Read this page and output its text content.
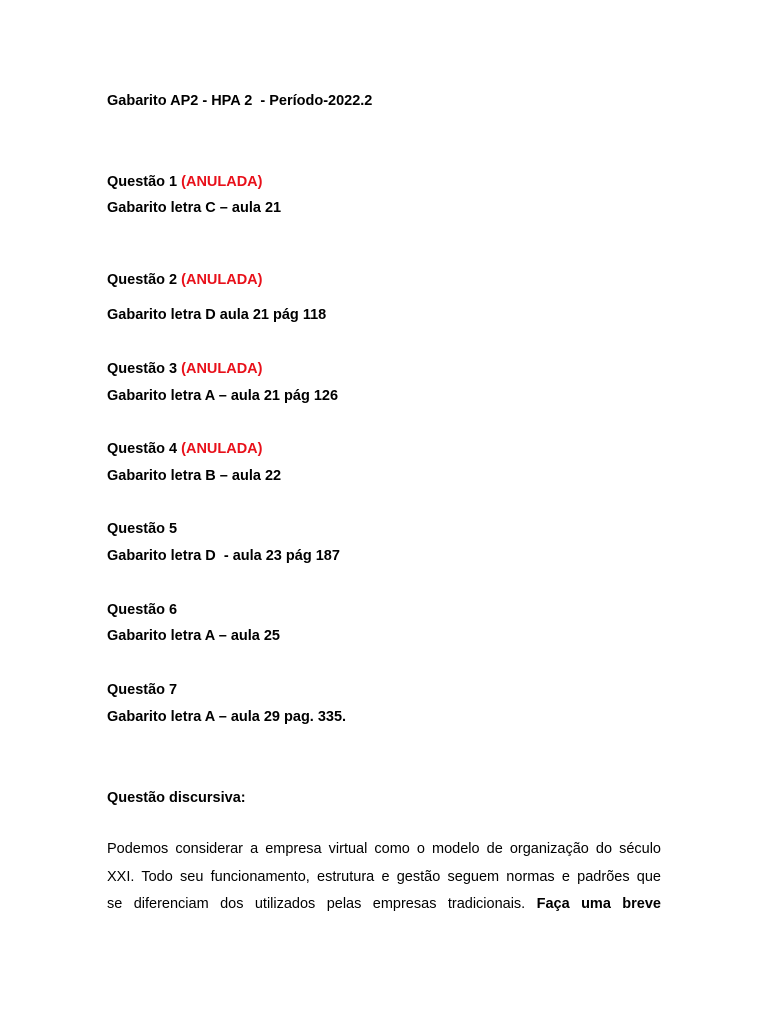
Gabarito AP2 - HPA 2  - Período-2022.2
Questão 1 (ANULADA)
Gabarito letra C – aula 21
Questão 2 (ANULADA)
Gabarito letra D aula 21 pág 118
Questão 3 (ANULADA)
Gabarito letra A – aula 21 pág 126
Questão 4 (ANULADA)
Gabarito letra B – aula 22
Questão 5
Gabarito letra D  - aula 23 pág 187
Questão 6
Gabarito letra A – aula 25
Questão 7
Gabarito letra A – aula 29 pag. 335.
Questão discursiva:
Podemos considerar a empresa virtual como o modelo de organização do século
XXI. Todo seu funcionamento, estrutura e gestão seguem normas e padrões que
se diferenciam dos utilizados pelas empresas tradicionais. Faça uma breve
